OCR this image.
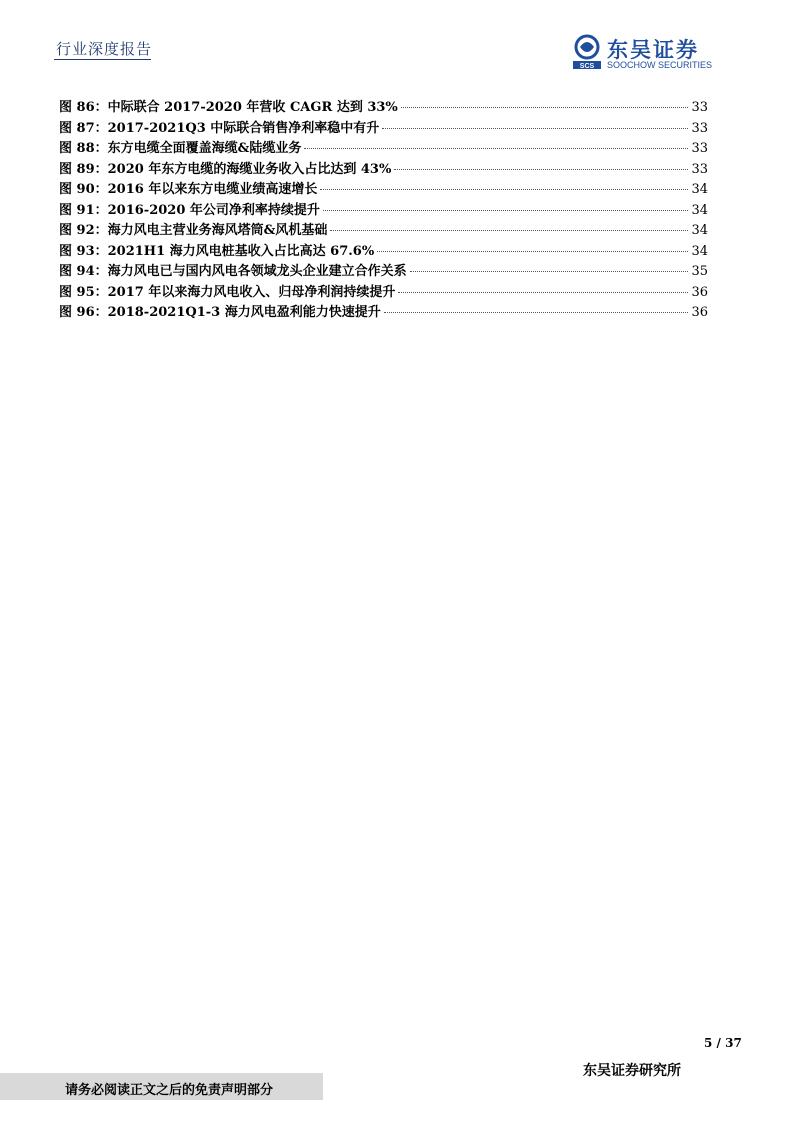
行业深度报告
SCS
东吴证券
SOOCHOW SECURITIES
图 86：中际联合 2017-2020 年营收 CAGR 达到 33%	33
图 87：2017-2021Q3 中际联合销售净利率稳中有升	33
图 88：东方电缆全面覆盖海缆&陆缆业务	33
图 89：2020 年东方电缆的海缆业务收入占比达到 43%	33
图 90：2016 年以来东方电缆业绩高速增长	34
图 91：2016-2020 年公司净利率持续提升	34
图 92：海力风电主营业务海风塔筒&风机基础	34
图 93：2021H1 海力风电桩基收入占比高达 67.6%	34
图 94：海力风电已与国内风电各领域龙头企业建立合作关系	35
图 95：2017 年以来海力风电收入、归母净利润持续提升	36
图 96：2018-2021Q1-3 海力风电盈利能力快速提升	36
5 / 37
请务必阅读正文之后的免责声明部分
东吴证券研究所
